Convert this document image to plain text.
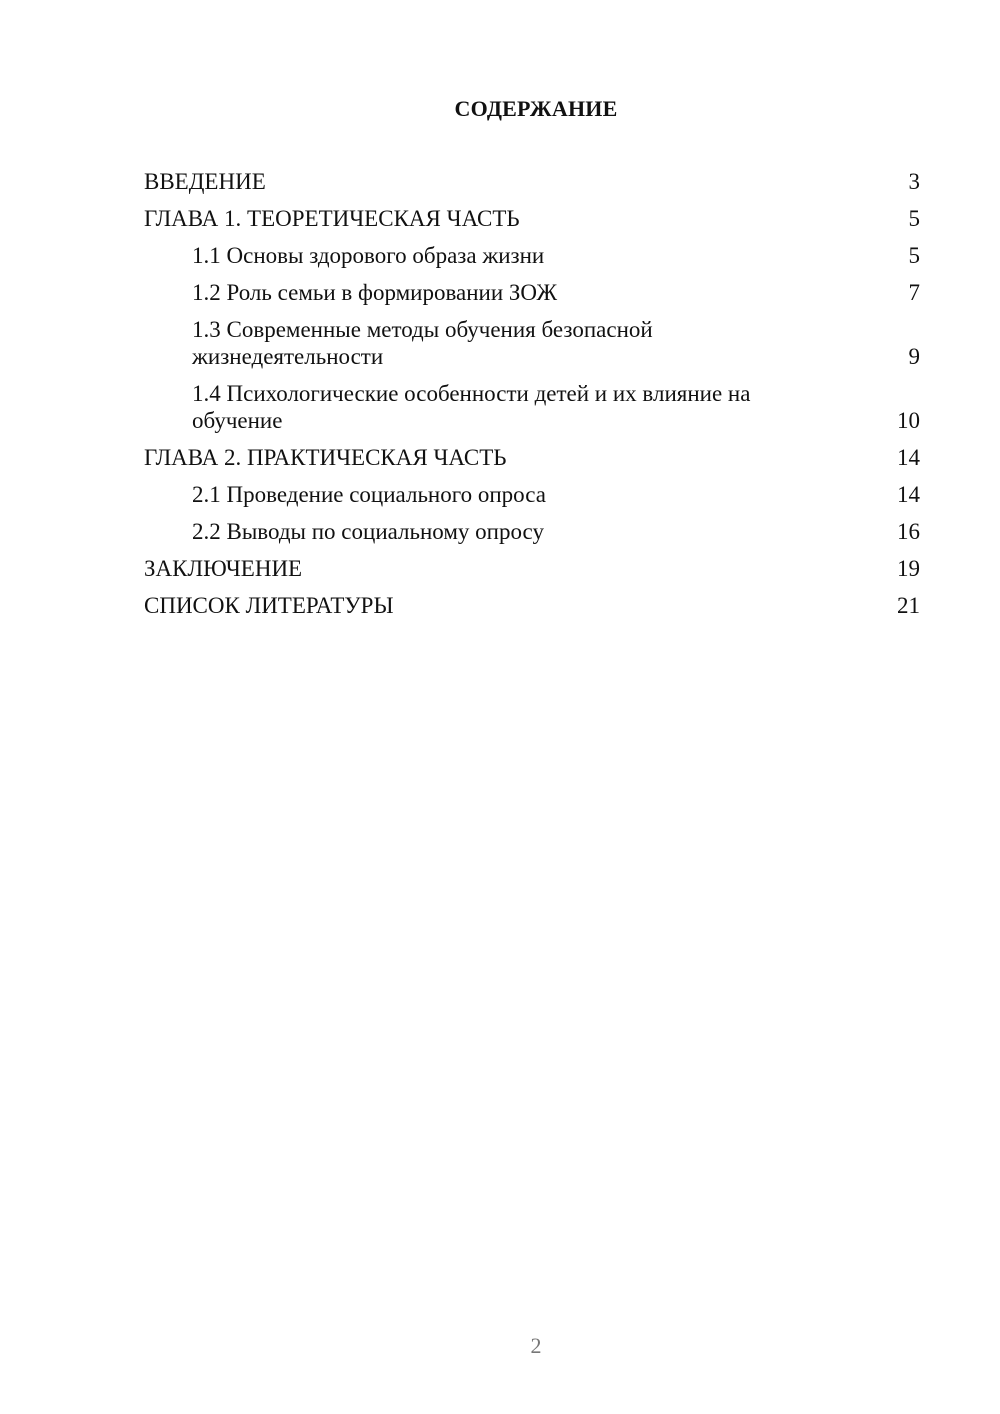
СОДЕРЖАНИЕ
ВВЕДЕНИЕ	3
ГЛАВА 1. ТЕОРЕТИЧЕСКАЯ ЧАСТЬ	5
1.1 Основы здорового образа жизни	5
1.2 Роль семьи в формировании ЗОЖ	7
1.3 Современные методы обучения безопасной жизнедеятельности	9
1.4 Психологические особенности детей и их влияние на обучение	10
ГЛАВА 2. ПРАКТИЧЕСКАЯ ЧАСТЬ	14
2.1 Проведение социального опроса	14
2.2 Выводы по социальному опросу	16
ЗАКЛЮЧЕНИЕ	19
СПИСОК ЛИТЕРАТУРЫ	21
2
